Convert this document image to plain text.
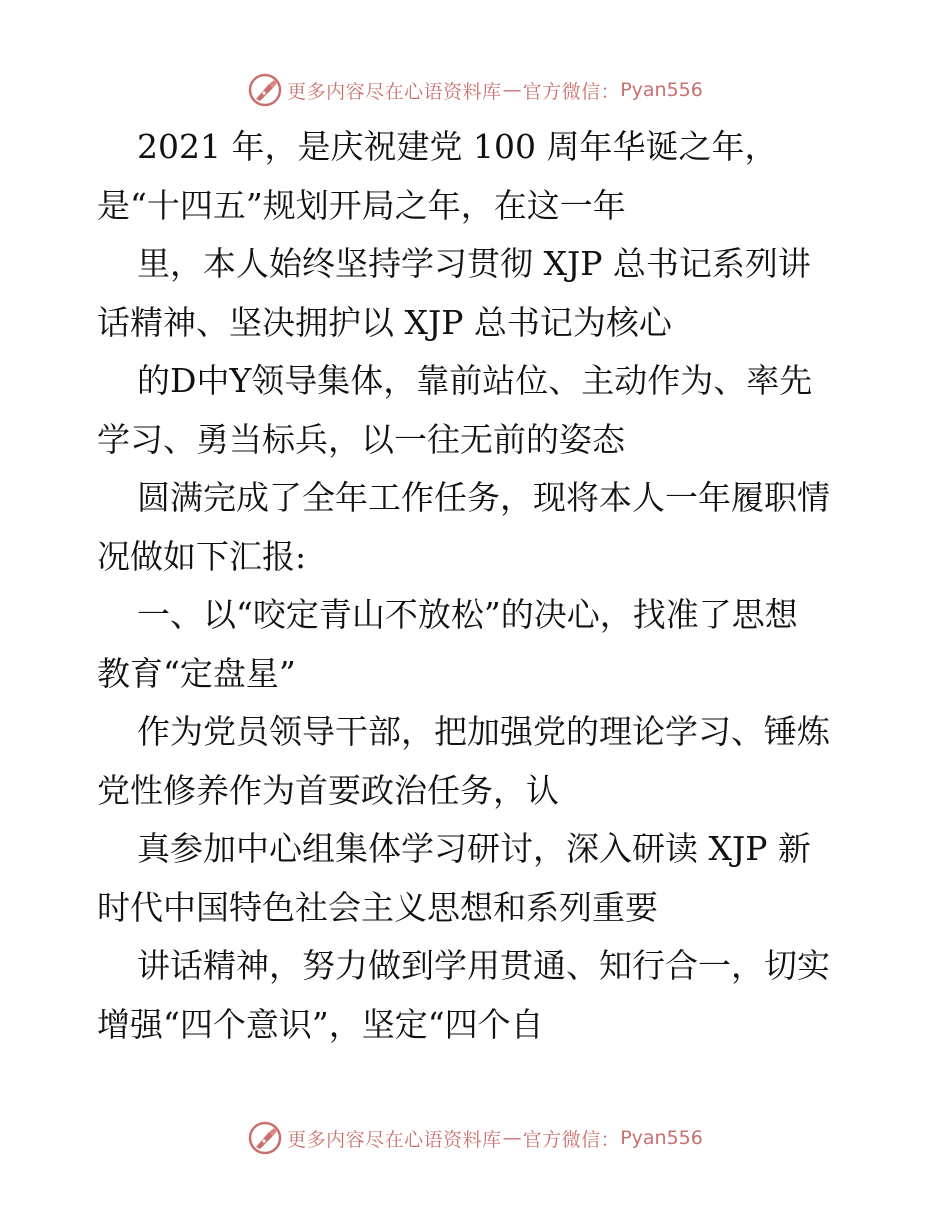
更多内容尽在心语资料库 — 官方微信： Pyan556
2021 年，是庆祝建党 100 周年华诞之年，
是“十四五”规划开局之年，在这一年
里，本人始终坚持学习贯彻 XJP 总书记系列讲
话精神、坚决拥护以 XJP 总书记为核心
的D中Y领导集体，靠前站位、主动作为、率先
学习、勇当标兵，以一往无前的姿态
圆满完成了全年工作任务，现将本人一年履职情
况做如下汇报:
一、以“咬定青山不放松”的决心，找准了思想
教育“定盘星”
作为党员领导干部，把加强党的理论学习、锤炼
党性修养作为首要政治任务，认
真参加中心组集体学习研讨，深入研读 XJP 新
时代中国特色社会主义思想和系列重要
讲话精神，努力做到学用贯通、知行合一，切实
增强“四个意识”，坚定“四个自
更多内容尽在心语资料库 — 官方微信： Pyan556
